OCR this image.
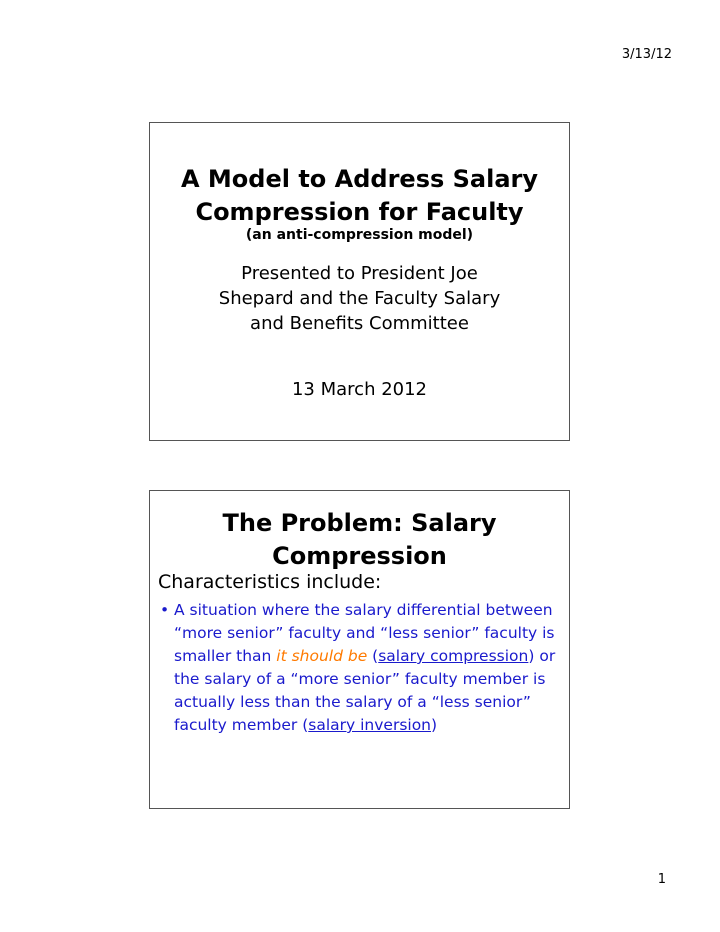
3/13/12
A Model to Address Salary
Compression for Faculty
(an anti-compression model)
Presented to President Joe
Shepard and the Faculty Salary
and Benefits Committee
13 March 2012
The Problem: Salary
Compression
Characteristics include:
• A situation where the salary differential between “more senior” faculty and “less senior” faculty is smaller than it should be (salary compression) or the salary of a “more senior” faculty member is actually less than the salary of a “less senior” faculty member (salary inversion)
1
